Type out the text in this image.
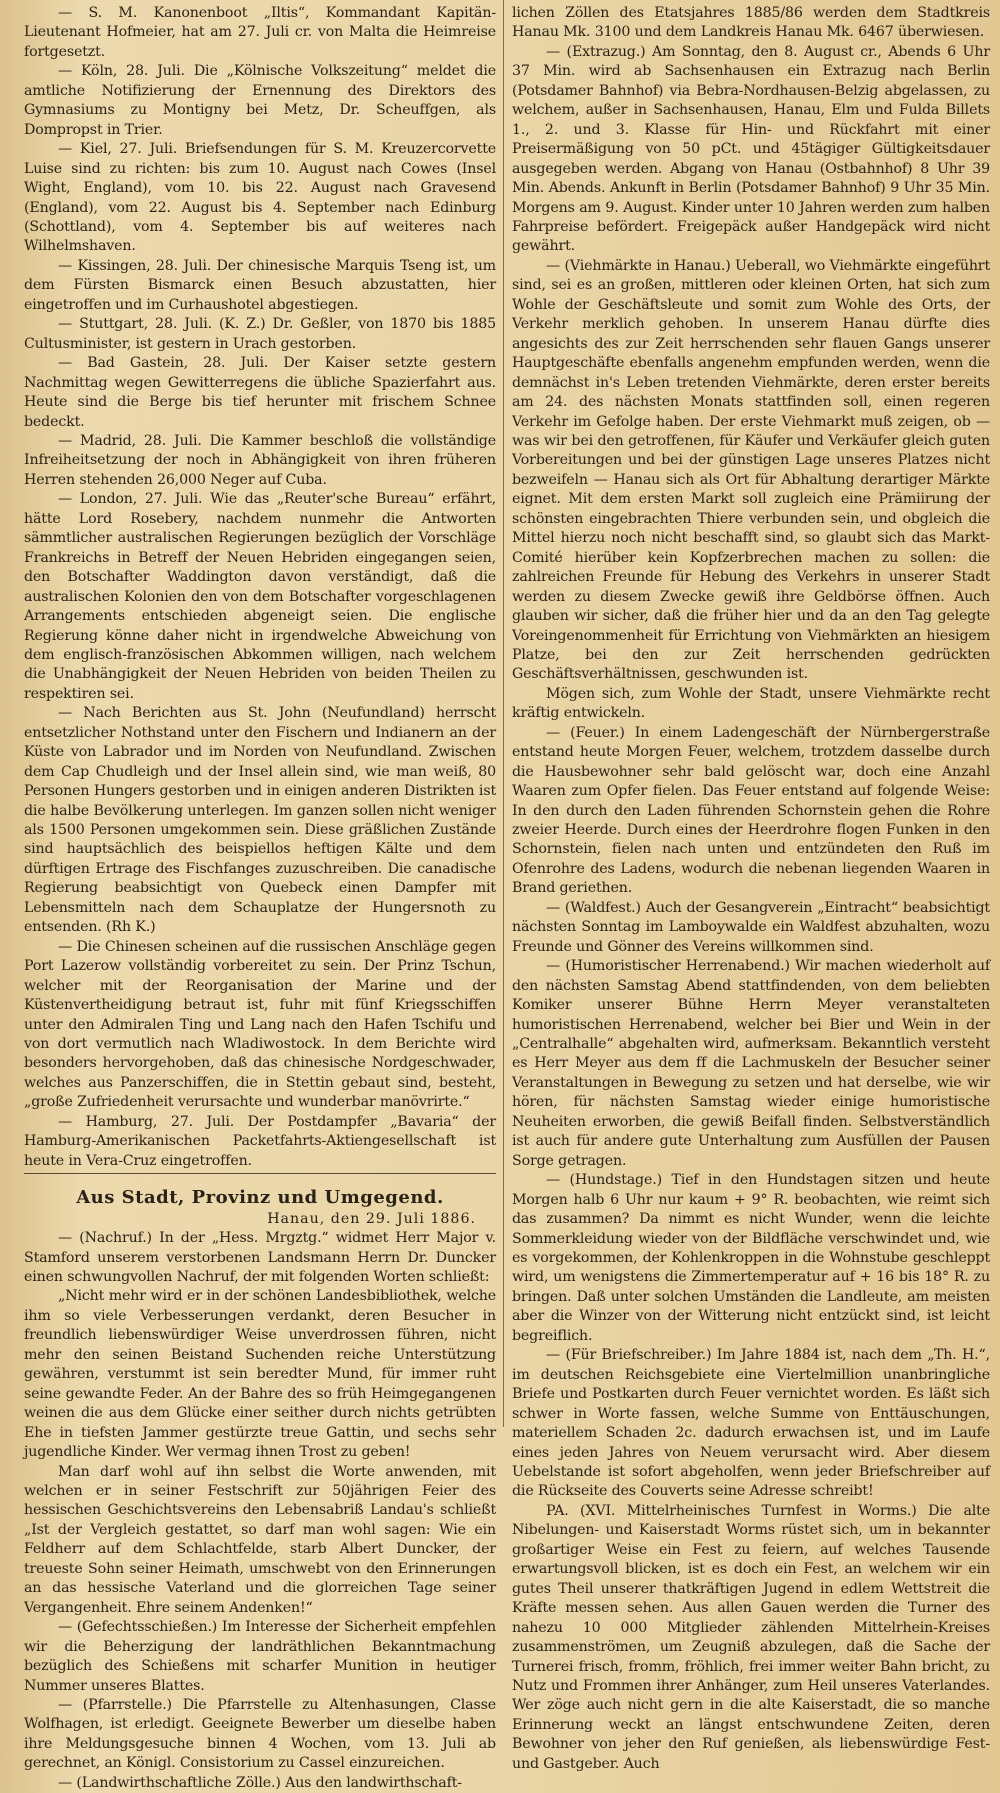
— S. M. Kanonenboot „Iltis“, Kommandant Kapitän-Lieutenant Hofmeier, hat am 27. Juli cr. von Malta die Heimreise fortgesetzt.

— Köln, 28. Juli. Die „Kölnische Volkszeitung“ meldet die amtliche Notifizierung der Ernennung des Direktors des Gymnasiums zu Montigny bei Metz, Dr. Scheuffgen, als Dompropst in Trier.

— Kiel, 27. Juli. Briefsendungen für S. M. Kreuzercorvette Luise sind zu richten: bis zum 10. August nach Cowes (Insel Wight, England), vom 10. bis 22. August nach Gravesend (England), vom 22. August bis 4. September nach Edinburg (Schottland), vom 4. September bis auf weiteres nach Wilhelmshaven.

— Kissingen, 28. Juli. Der chinesische Marquis Tseng ist, um dem Fürsten Bismarck einen Besuch abzustatten, hier eingetroffen und im Curhaushotel abgestiegen.

— Stuttgart, 28. Juli. (K. Z.) Dr. Geßler, von 1870 bis 1885 Cultusminister, ist gestern in Urach gestorben.

— Bad Gastein, 28. Juli. Der Kaiser setzte gestern Nachmittag wegen Gewitterregens die übliche Spazierfahrt aus. Heute sind die Berge bis tief herunter mit frischem Schnee bedeckt.

— Madrid, 28. Juli. Die Kammer beschloß die vollständige Infreiheitsetzung der noch in Abhängigkeit von ihren früheren Herren stehenden 26,000 Neger auf Cuba.

— London, 27. Juli. Wie das „Reuter'sche Bureau“ erfährt, hätte Lord Rosebery, nachdem nunmehr die Antworten sämmtlicher australischen Regierungen bezüglich der Vorschläge Frankreichs in Betreff der Neuen Hebriden eingegangen seien, den Botschafter Waddington davon verständigt, daß die australischen Kolonien den von dem Botschafter vorgeschlagenen Arrangements entschieden abgeneigt seien. Die englische Regierung könne daher nicht in irgendwelche Abweichung von dem englisch-französischen Abkommen willigen, nach welchem die Unabhängigkeit der Neuen Hebriden von beiden Theilen zu respektiren sei.

— Nach Berichten aus St. John (Neufundland) herrscht entsetzlicher Nothstand unter den Fischern und Indianern an der Küste von Labrador und im Norden von Neufundland. Zwischen dem Cap Chudleigh und der Insel allein sind, wie man weiß, 80 Personen Hungers gestorben und in einigen anderen Distrikten ist die halbe Bevölkerung unterlegen. Im ganzen sollen nicht weniger als 1500 Personen umgekommen sein. Diese gräßlichen Zustände sind hauptsächlich des beispiellos heftigen Kälte und dem dürftigen Ertrage des Fischfanges zuzuschreiben. Die canadische Regierung beabsichtigt von Quebeck einen Dampfer mit Lebensmitteln nach dem Schauplatze der Hungersnoth zu entsenden. (Rh K.)

— Die Chinesen scheinen auf die russischen Anschläge gegen Port Lazerow vollständig vorbereitet zu sein. Der Prinz Tschun, welcher mit der Reorganisation der Marine und der Küstenvertheidigung betraut ist, fuhr mit fünf Kriegsschiffen unter den Admiralen Ting und Lang nach den Hafen Tschifu und von dort vermutlich nach Wladiwostock. In dem Berichte wird besonders hervorgehoben, daß das chinesische Nordgeschwader, welches aus Panzerschiffen, die in Stettin gebaut sind, besteht, „große Zufriedenheit verursachte und wunderbar manövrirte.“

— Hamburg, 27. Juli. Der Postdampfer „Bavaria“ der Hamburg-Amerikanischen Packetfahrts-Aktiengesellschaft ist heute in Vera-Cruz eingetroffen.

Aus Stadt, Provinz und Umgegend.

Hanau, den 29. Juli 1886.

— (Nachruf.) In der „Hess. Mrgztg.“ widmet Herr Major v. Stamford unserem verstorbenen Landsmann Herrn Dr. Duncker einen schwungvollen Nachruf, der mit folgenden Worten schließt:

„Nicht mehr wird er in der schönen Landesbibliothek, welche ihm so viele Verbesserungen verdankt, deren Besucher in freundlich liebenswürdiger Weise unverdrossen führen, nicht mehr den seinen Beistand Suchenden reiche Unterstützung gewähren, verstummt ist sein beredter Mund, für immer ruht seine gewandte Feder. An der Bahre des so früh Heimgegangenen weinen die aus dem Glücke einer seither durch nichts getrübten Ehe in tiefsten Jammer gestürzte treue Gattin, und sechs sehr jugendliche Kinder. Wer vermag ihnen Trost zu geben!

Man darf wohl auf ihn selbst die Worte anwenden, mit welchen er in seiner Festschrift zur 50jährigen Feier des hessischen Geschichtsvereins den Lebensabriß Landau's schließt „Ist der Vergleich gestattet, so darf man wohl sagen: Wie ein Feldherr auf dem Schlachtfelde, starb Albert Duncker, der treueste Sohn seiner Heimath, umschwebt von den Erinnerungen an das hessische Vaterland und die glorreichen Tage seiner Vergangenheit. Ehre seinem Andenken!“

— (Gefechtsschießen.) Im Interesse der Sicherheit empfehlen wir die Beherzigung der landräthlichen Bekanntmachung bezüglich des Schießens mit scharfer Munition in heutiger Nummer unseres Blattes.

— (Pfarrstelle.) Die Pfarrstelle zu Altenhasungen, Classe Wolfhagen, ist erledigt. Geeignete Bewerber um dieselbe haben ihre Meldungsgesuche binnen 4 Wochen, vom 13. Juli ab gerechnet, an Königl. Consistorium zu Cassel einzureichen.

— (Landwirthschaftliche Zölle.) Aus den landwirthschaft-

lichen Zöllen des Etatsjahres 1885/86 werden dem Stadtkreis Hanau Mk. 3100 und dem Landkreis Hanau Mk. 6467 überwiesen.

— (Extrazug.) Am Sonntag, den 8. August cr., Abends 6 Uhr 37 Min. wird ab Sachsenhausen ein Extrazug nach Berlin (Potsdamer Bahnhof) via Bebra-Nordhausen-Belzig abgelassen, zu welchem, außer in Sachsenhausen, Hanau, Elm und Fulda Billets 1., 2. und 3. Klasse für Hin- und Rückfahrt mit einer Preisermäßigung von 50 pCt. und 45tägiger Gültigkeitsdauer ausgegeben werden. Abgang von Hanau (Ostbahnhof) 8 Uhr 39 Min. Abends. Ankunft in Berlin (Potsdamer Bahnhof) 9 Uhr 35 Min. Morgens am 9. August. Kinder unter 10 Jahren werden zum halben Fahrpreise befördert. Freigepäck außer Handgepäck wird nicht gewährt.

— (Viehmärkte in Hanau.) Ueberall, wo Viehmärkte eingeführt sind, sei es an großen, mittleren oder kleinen Orten, hat sich zum Wohle der Geschäftsleute und somit zum Wohle des Orts, der Verkehr merklich gehoben. In unserem Hanau dürfte dies angesichts des zur Zeit herrschenden sehr flauen Gangs unserer Hauptgeschäfte ebenfalls angenehm empfunden werden, wenn die demnächst in's Leben tretenden Viehmärkte, deren erster bereits am 24. des nächsten Monats stattfinden soll, einen regeren Verkehr im Gefolge haben. Der erste Viehmarkt muß zeigen, ob — was wir bei den getroffenen, für Käufer und Verkäufer gleich guten Vorbereitungen und bei der günstigen Lage unseres Platzes nicht bezweifeln — Hanau sich als Ort für Abhaltung derartiger Märkte eignet. Mit dem ersten Markt soll zugleich eine Prämiirung der schönsten eingebrachten Thiere verbunden sein, und obgleich die Mittel hierzu noch nicht beschafft sind, so glaubt sich das Markt-Comité hierüber kein Kopfzerbrechen machen zu sollen: die zahlreichen Freunde für Hebung des Verkehrs in unserer Stadt werden zu diesem Zwecke gewiß ihre Geldbörse öffnen. Auch glauben wir sicher, daß die früher hier und da an den Tag gelegte Voreingenommenheit für Errichtung von Viehmärkten an hiesigem Platze, bei den zur Zeit herrschenden gedrückten Geschäftsverhältnissen, geschwunden ist.

Mögen sich, zum Wohle der Stadt, unsere Viehmärkte recht kräftig entwickeln.

— (Feuer.) In einem Ladengeschäft der Nürnbergerstraße entstand heute Morgen Feuer, welchem, trotzdem dasselbe durch die Hausbewohner sehr bald gelöscht war, doch eine Anzahl Waaren zum Opfer fielen. Das Feuer entstand auf folgende Weise: In den durch den Laden führenden Schornstein gehen die Rohre zweier Heerde. Durch eines der Heerdrohre flogen Funken in den Schornstein, fielen nach unten und entzündeten den Ruß im Ofenrohre des Ladens, wodurch die nebenan liegenden Waaren in Brand geriethen.

— (Waldfest.) Auch der Gesangverein „Eintracht“ beabsichtigt nächsten Sonntag im Lamboywalde ein Waldfest abzuhalten, wozu Freunde und Gönner des Vereins willkommen sind.

— (Humoristischer Herrenabend.) Wir machen wiederholt auf den nächsten Samstag Abend stattfindenden, von dem beliebten Komiker unserer Bühne Herrn Meyer veranstalteten humoristischen Herrenabend, welcher bei Bier und Wein in der „Centralhalle“ abgehalten wird, aufmerksam. Bekanntlich versteht es Herr Meyer aus dem ff die Lachmuskeln der Besucher seiner Veranstaltungen in Bewegung zu setzen und hat derselbe, wie wir hören, für nächsten Samstag wieder einige humoristische Neuheiten erworben, die gewiß Beifall finden. Selbstverständlich ist auch für andere gute Unterhaltung zum Ausfüllen der Pausen Sorge getragen.

— (Hundstage.) Tief in den Hundstagen sitzen und heute Morgen halb 6 Uhr nur kaum + 9° R. beobachten, wie reimt sich das zusammen? Da nimmt es nicht Wunder, wenn die leichte Sommerkleidung wieder von der Bildfläche verschwindet und, wie es vorgekommen, der Kohlenkroppen in die Wohnstube geschleppt wird, um wenigstens die Zimmertemperatur auf + 16 bis 18° R. zu bringen. Daß unter solchen Umständen die Landleute, am meisten aber die Winzer von der Witterung nicht entzückt sind, ist leicht begreiflich.

— (Für Briefschreiber.) Im Jahre 1884 ist, nach dem „Th. H.“, im deutschen Reichsgebiete eine Viertelmillion unanbringliche Briefe und Postkarten durch Feuer vernichtet worden. Es läßt sich schwer in Worte fassen, welche Summe von Enttäuschungen, materiellem Schaden 2c. dadurch erwachsen ist, und im Laufe eines jeden Jahres von Neuem verursacht wird. Aber diesem Uebelstande ist sofort abgeholfen, wenn jeder Briefschreiber auf die Rückseite des Couverts seine Adresse schreibt!

PA. (XVI. Mittelrheinisches Turnfest in Worms.) Die alte Nibelungen- und Kaiserstadt Worms rüstet sich, um in bekannter großartiger Weise ein Fest zu feiern, auf welches Tausende erwartungsvoll blicken, ist es doch ein Fest, an welchem wir ein gutes Theil unserer thatkräftigen Jugend in edlem Wettstreit die Kräfte messen sehen. Aus allen Gauen werden die Turner des nahezu 10 000 Mitglieder zählenden Mittelrhein-Kreises zusammenströmen, um Zeugniß abzulegen, daß die Sache der Turnerei frisch, fromm, fröhlich, frei immer weiter Bahn bricht, zu Nutz und Frommen ihrer Anhänger, zum Heil unseres Vaterlandes. Wer zöge auch nicht gern in die alte Kaiserstadt, die so manche Erinnerung weckt an längst entschwundene Zeiten, deren Bewohner von jeher den Ruf genießen, als liebenswürdige Fest- und Gastgeber. Auch
